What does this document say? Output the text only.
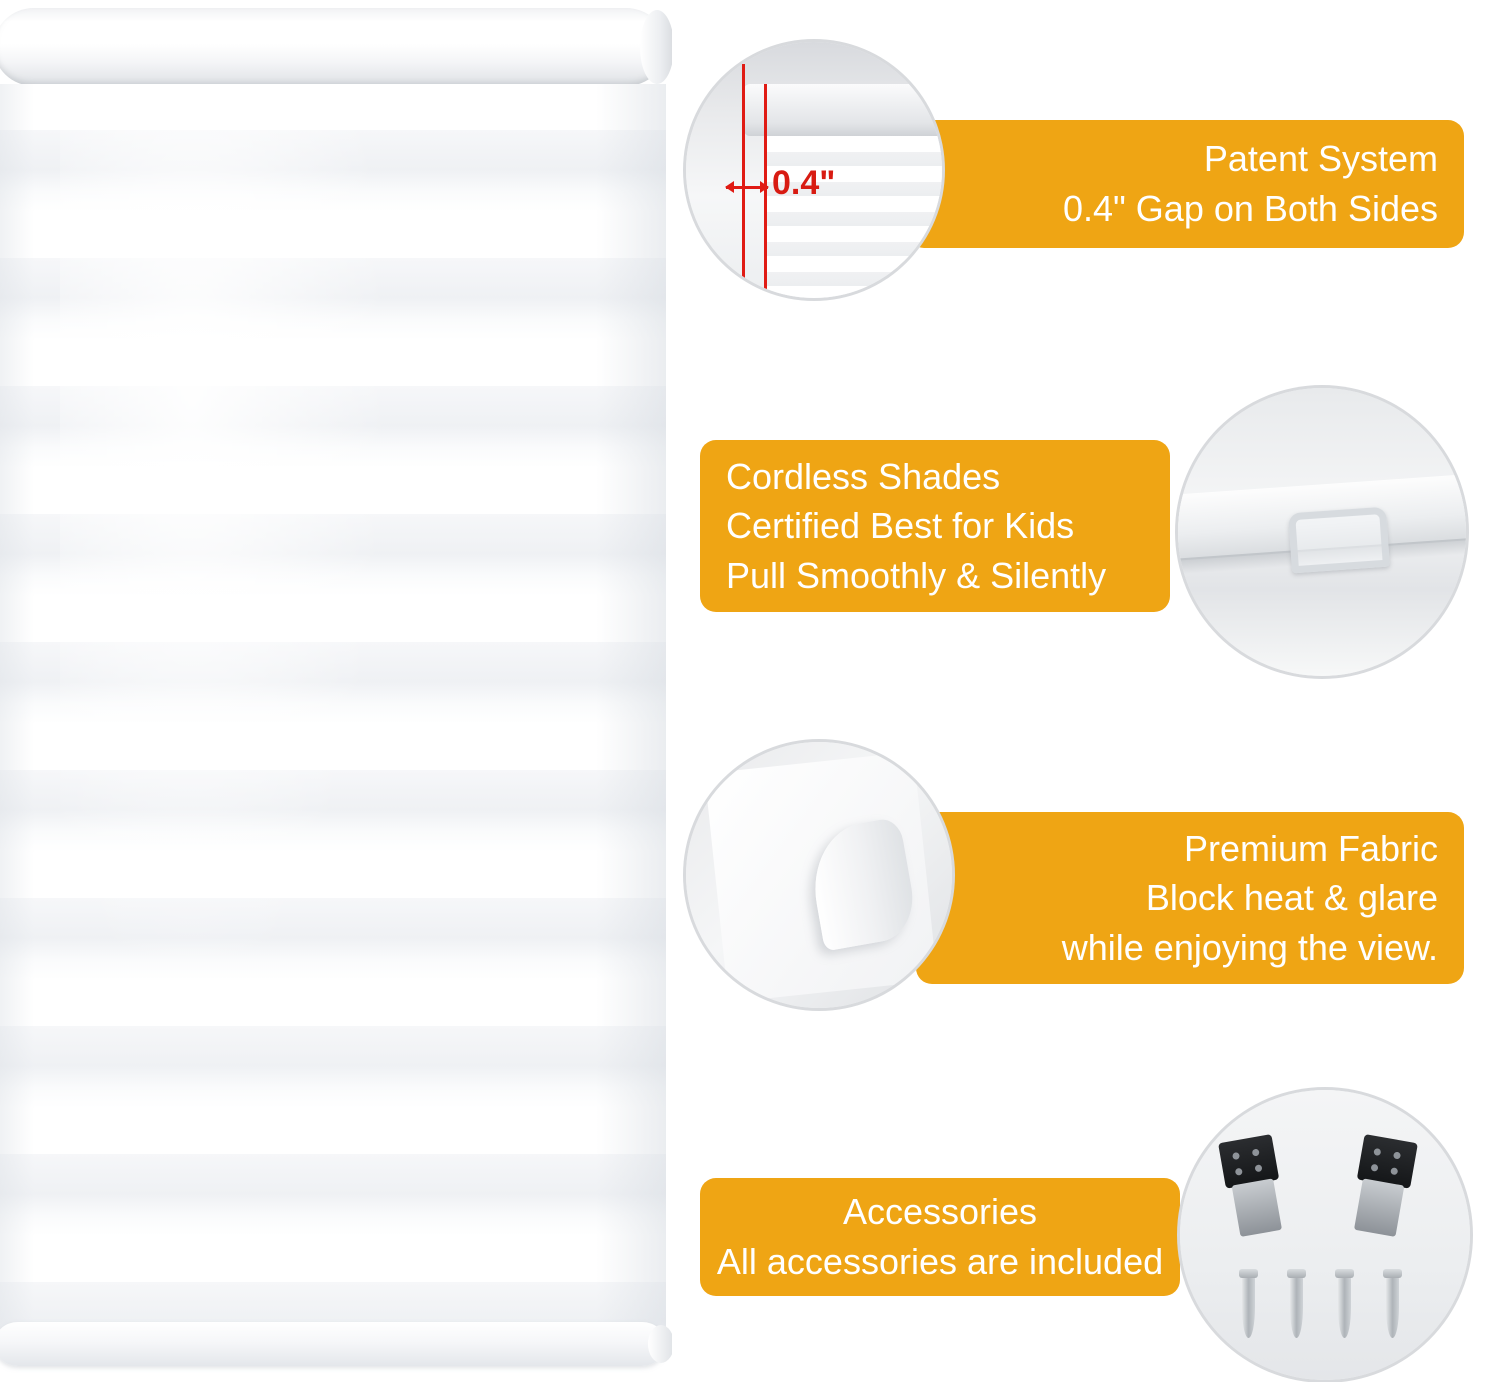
0.4"
Patent System
0.4" Gap on Both Sides
Cordless Shades
Certified Best for Kids
Pull Smoothly & Silently
Premium Fabric
Block heat & glare
while enjoying the view.
Accessories
All accessories are included
